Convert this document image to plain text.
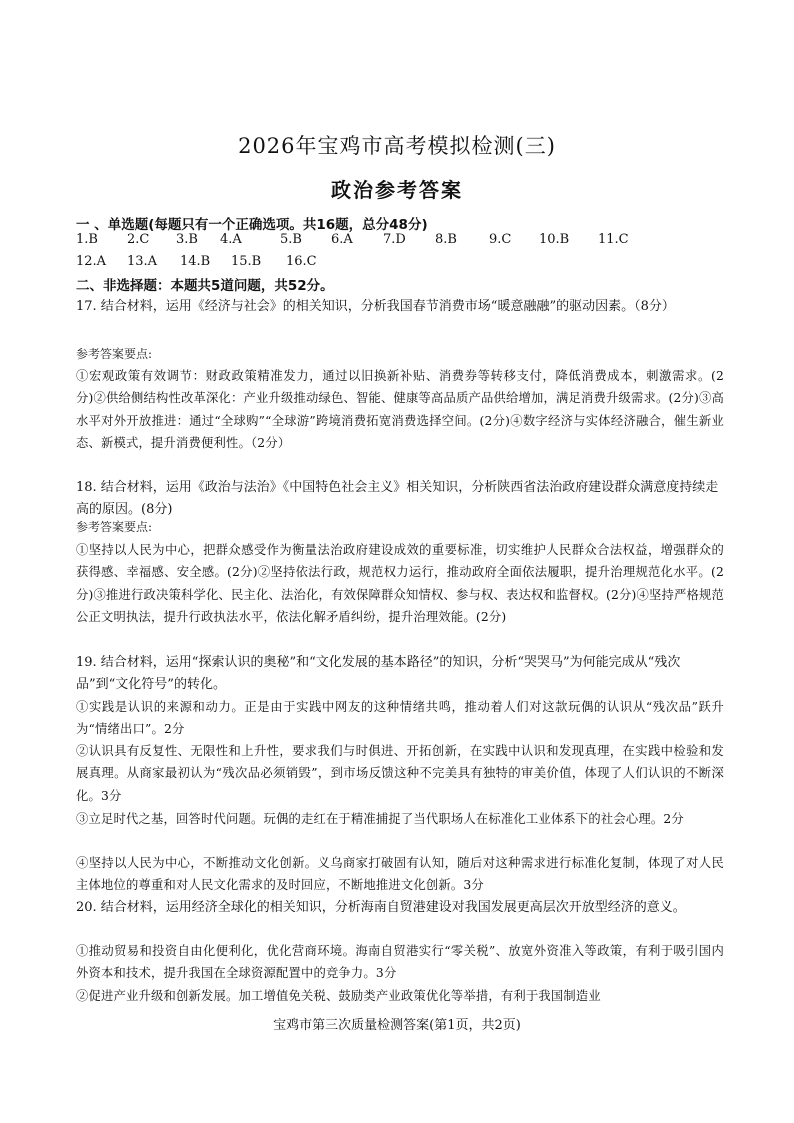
2026年宝鸡市高考模拟检测(三)
政治参考答案
一 、单选题(每题只有一个正确选项。共16题，总分48分)
1.B 2.C 3.B 4.A	5.B 6.A 7.D 8.B 9.C 10.B 11.C
12.A 13.A 14.B 15.B 16.C
二、非选择题：本题共5道问题，共52分。
17. 结合材料，运用《经济与社会》的相关知识，分析我国春节消费市场“暖意融融”的驱动因素。（8分）
参考答案要点:
①宏观政策有效调节：财政政策精准发力，通过以旧换新补贴、消费券等转移支付，降低消费成本，刺激需求。(2分)②供给侧结构性改革深化：产业升级推动绿色、智能、健康等高品质产品供给增加，满足消费升级需求。(2分)③高水平对外开放推进：通过“全球购”“全球游”跨境消费拓宽消费选择空间。(2分)④数字经济与实体经济融合，催生新业态、新模式，提升消费便利性。（2分）
18. 结合材料，运用《政治与法治》《中国特色社会主义》相关知识，分析陕西省法治政府建设群众满意度持续走高的原因。(8分)
参考答案要点:
①坚持以人民为中心，把群众感受作为衡量法治政府建设成效的重要标准，切实维护人民群众合法权益，增强群众的获得感、幸福感、安全感。(2分)②坚持依法行政，规范权力运行，推动政府全面依法履职，提升治理规范化水平。(2分)③推进行政决策科学化、民主化、法治化，有效保障群众知情权、参与权、表达权和监督权。(2分)④坚持严格规范公正文明执法，提升行政执法水平，依法化解矛盾纠纷，提升治理效能。(2分)
19. 结合材料，运用“探索认识的奥秘”和“文化发展的基本路径”的知识，分析“哭哭马”为何能完成从“残次品”到“文化符号”的转化。
①实践是认识的来源和动力。正是由于实践中网友的这种情绪共鸣，推动着人们对这款玩偶的认识从“残次品”跃升为“情绪出口”。2分
②认识具有反复性、无限性和上升性，要求我们与时俱进、开拓创新，在实践中认识和发现真理，在实践中检验和发展真理。从商家最初认为“残次品必须销毁”，到市场反馈这种不完美具有独特的审美价值，体现了人们认识的不断深化。3分
③立足时代之基，回答时代问题。玩偶的走红在于精准捕捉了当代职场人在标准化工业体系下的社会心理。2分
④坚持以人民为中心，不断推动文化创新。义乌商家打破固有认知，随后对这种需求进行标准化复制，体现了对人民主体地位的尊重和对人民文化需求的及时回应，不断地推进文化创新。3分
20. 结合材料，运用经济全球化的相关知识，分析海南自贸港建设对我国发展更高层次开放型经济的意义。
①推动贸易和投资自由化便利化，优化营商环境。海南自贸港实行“零关税”、放宽外资准入等政策，有利于吸引国内外资本和技术，提升我国在全球资源配置中的竞争力。3分
②促进产业升级和创新发展。加工增值免关税、鼓励类产业政策优化等举措，有利于我国制造业
宝鸡市第三次质量检测答案(第1页，共2页)
